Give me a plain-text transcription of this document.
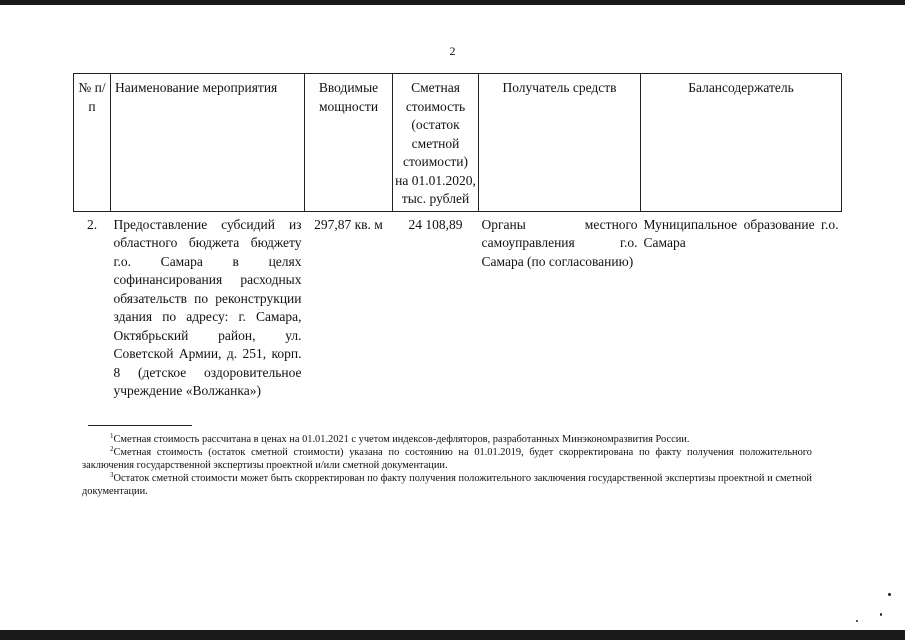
2
№ п/п	Наименование мероприятия	Вводимые мощности	Сметная стоимость (остаток сметной стоимости) на 01.01.2020, тыс. рублей	Получатель средств	Балансодержатель
2.	Предоставление субсидий из областного бюджета бюджету г.о. Самара в целях софинансирования расходных обязательств по реконструкции здания по адресу: г. Самара, Октябрьский район, ул. Советской Армии, д. 251, корп. 8 (детское оздоровительное учреждение «Волжанка»)	297,87 кв. м	24 108,89	Органы местного самоуправления г.о. Самара (по согласованию)	Муниципальное образование г.о. Самара

$^1$Сметная стоимость рассчитана в ценах на 01.01.2021 с учетом индексов-дефляторов, разработанных Минэкономразвития России.

$^2$Сметная стоимость (остаток сметной стоимости) указана по состоянию на 01.01.2019, будет скорректирована по факту получения положительного заключения государственной экспертизы проектной и/или сметной документации.

$^3$Остаток сметной стоимости может быть скорректирован по факту получения положительного заключения государственной экспертизы проектной и сметной документации.
